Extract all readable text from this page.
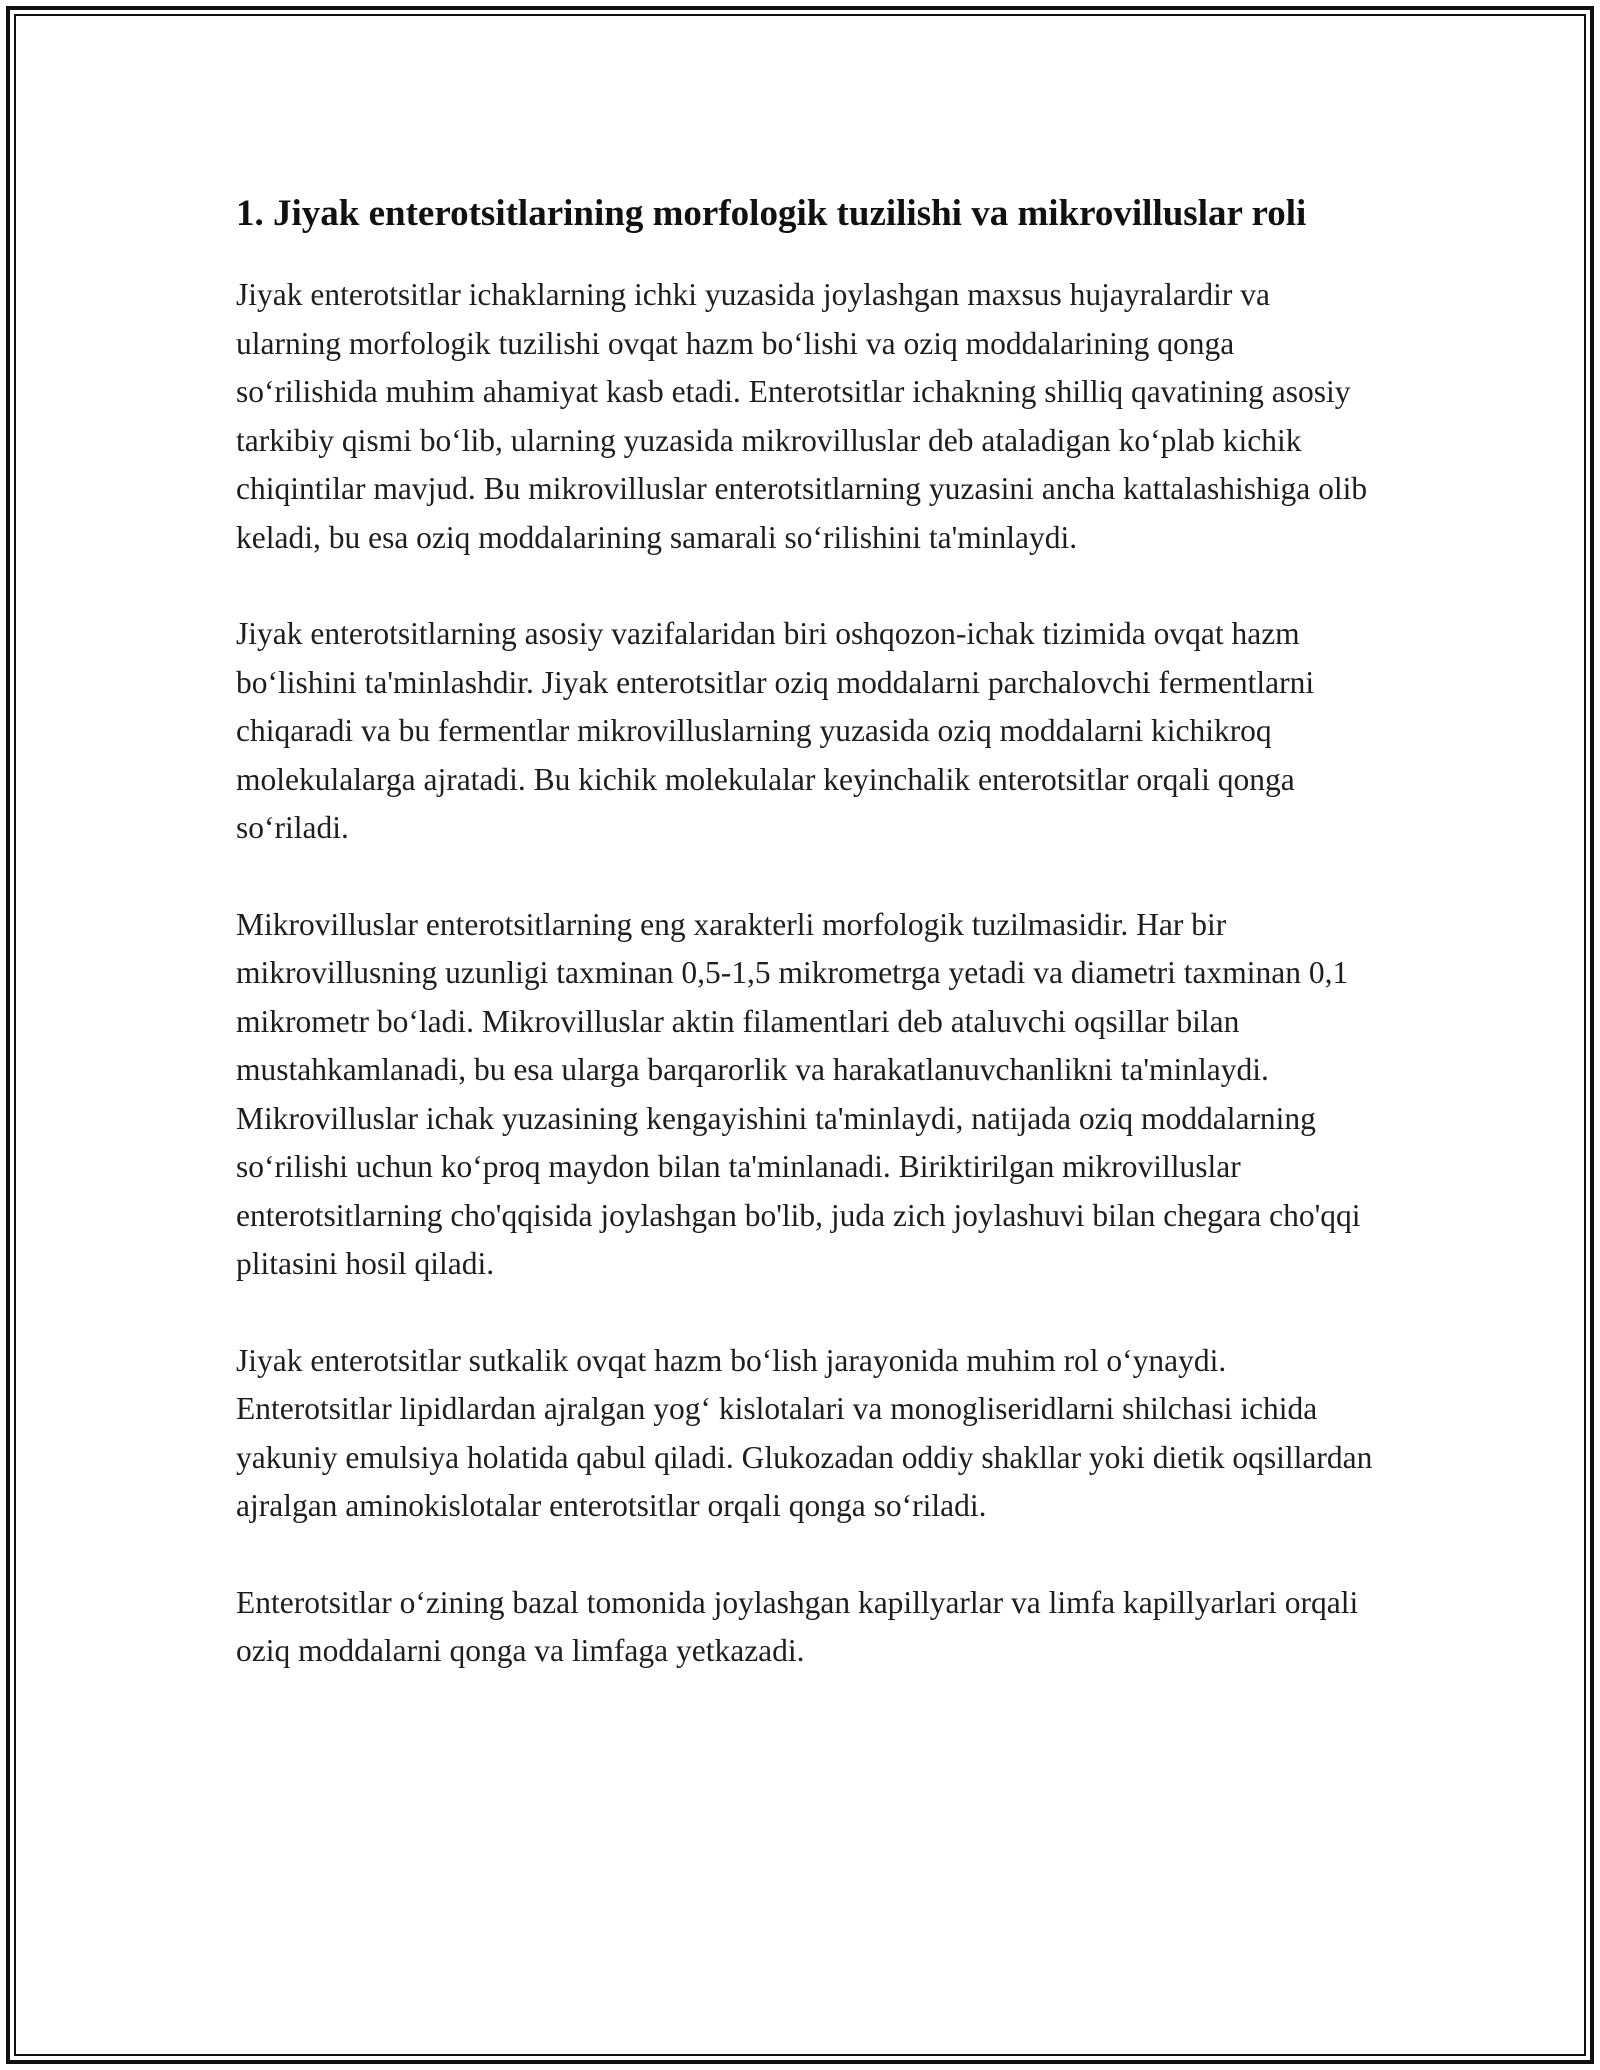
1. Jiyak enterotsitlarining morfologik tuzilishi va mikrovilluslar roli

Jiyak enterotsitlar ichaklarning ichki yuzasida joylashgan maxsus hujayralardir va ularning morfologik tuzilishi ovqat hazm bo‘lishi va oziq moddalarining qonga so‘rilishida muhim ahamiyat kasb etadi. Enterotsitlar ichakning shilliq qavatining asosiy tarkibiy qismi bo‘lib, ularning yuzasida mikrovilluslar deb ataladigan ko‘plab kichik chiqintilar mavjud. Bu mikrovilluslar enterotsitlarning yuzasini ancha kattalashishiga olib keladi, bu esa oziq moddalarining samarali so‘rilishini ta'minlaydi.

Jiyak enterotsitlarning asosiy vazifalaridan biri oshqozon-ichak tizimida ovqat hazm bo‘lishini ta'minlashdir. Jiyak enterotsitlar oziq moddalarni parchalovchi fermentlarni chiqaradi va bu fermentlar mikrovilluslarning yuzasida oziq moddalarni kichikroq molekulalarga ajratadi. Bu kichik molekulalar keyinchalik enterotsitlar orqali qonga so‘riladi.

Mikrovilluslar enterotsitlarning eng xarakterli morfologik tuzilmasidir. Har bir mikrovillusning uzunligi taxminan 0,5-1,5 mikrometrga yetadi va diametri taxminan 0,1 mikrometr bo‘ladi. Mikrovilluslar aktin filamentlari deb ataluvchi oqsillar bilan mustahkamlanadi, bu esa ularga barqarorlik va harakatlanuvchanlikni ta'minlaydi. Mikrovilluslar ichak yuzasining kengayishini ta'minlaydi, natijada oziq moddalarning so‘rilishi uchun ko‘proq maydon bilan ta'minlanadi. Biriktirilgan mikrovilluslar enterotsitlarning cho'qqisida joylashgan bo'lib, juda zich joylashuvi bilan chegara cho'qqi plitasini hosil qiladi.

Jiyak enterotsitlar sutkalik ovqat hazm bo‘lish jarayonida muhim rol o‘ynaydi. Enterotsitlar lipidlardan ajralgan yog‘ kislotalari va monogliseridlarni shilchasi ichida yakuniy emulsiya holatida qabul qiladi. Glukozadan oddiy shakllar yoki dietik oqsillardan ajralgan aminokislotalar enterotsitlar orqali qonga so‘riladi.

Enterotsitlar o‘zining bazal tomonida joylashgan kapillyarlar va limfa kapillyarlari orqali oziq moddalarni qonga va limfaga yetkazadi.
